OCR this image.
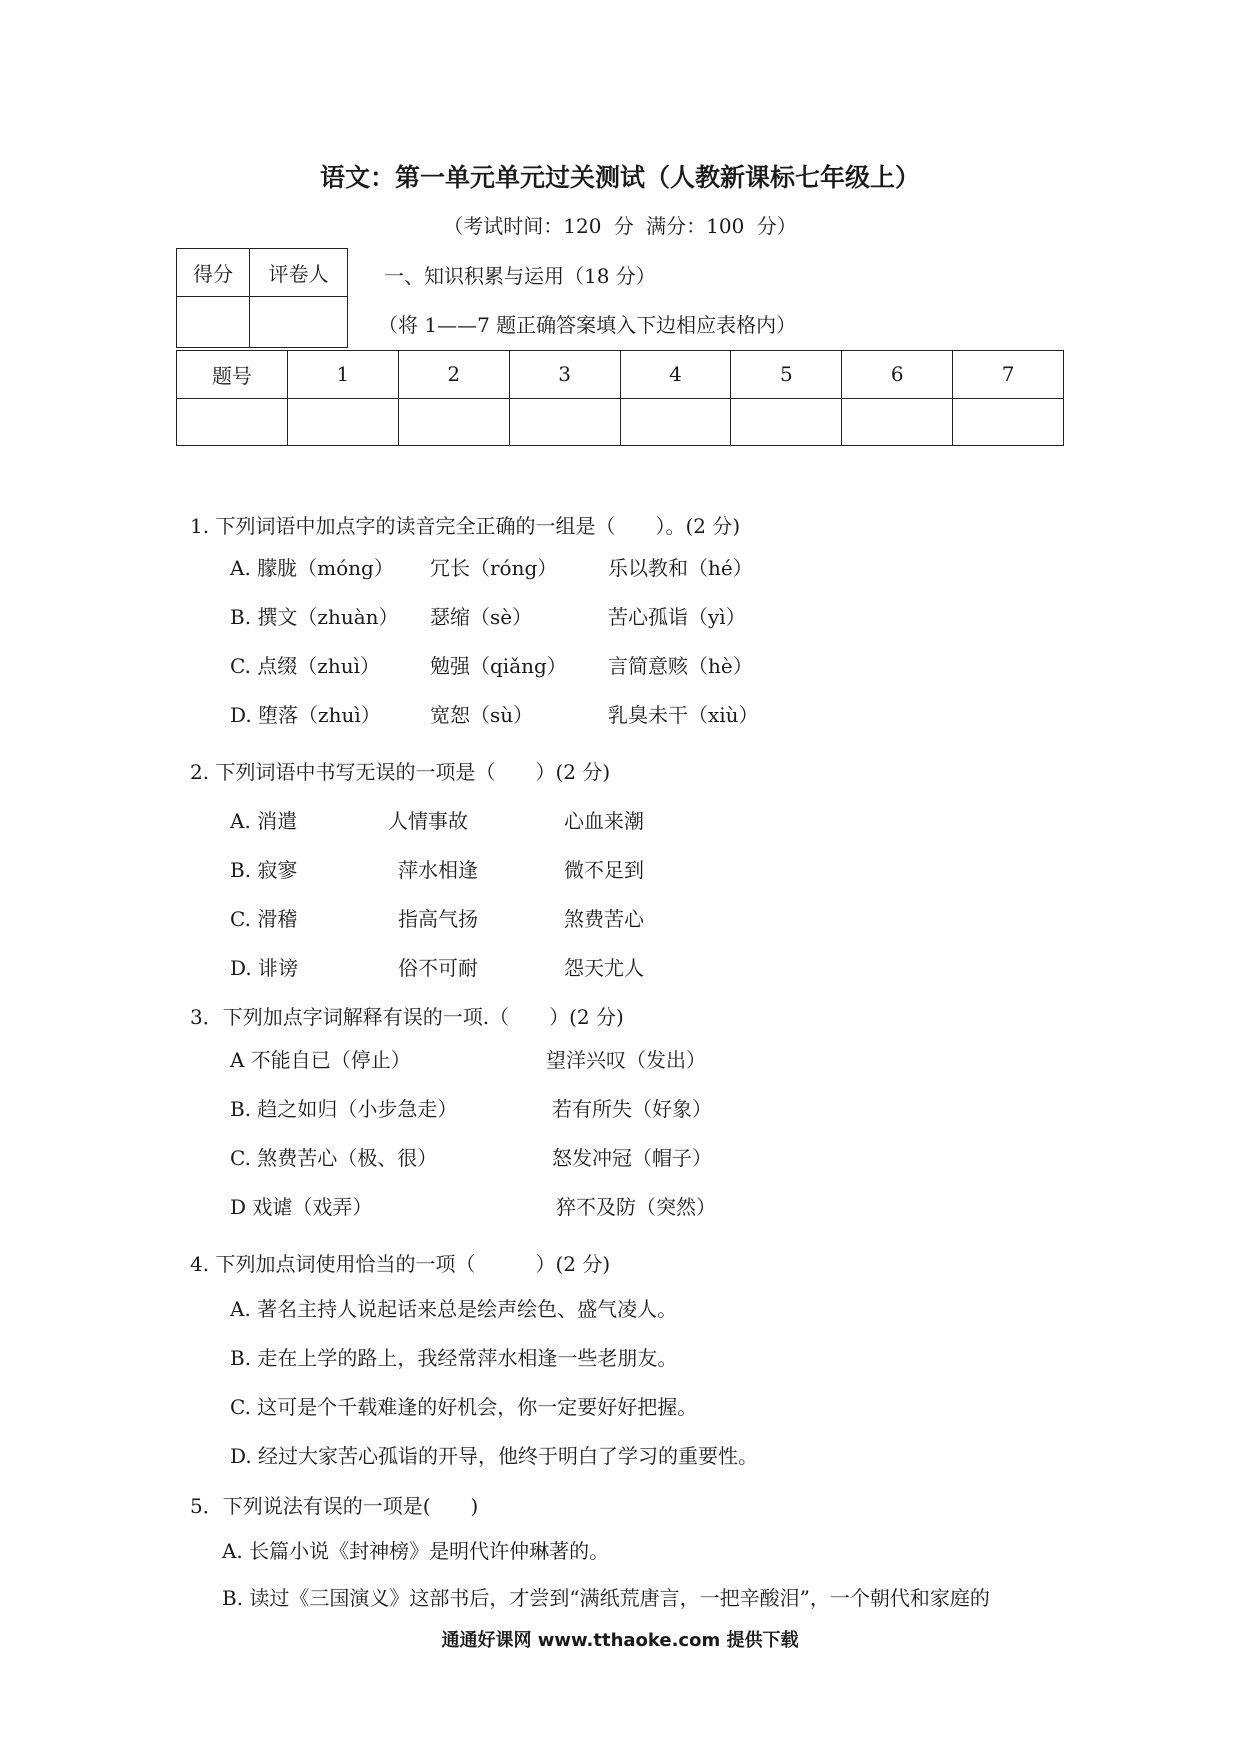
语文：第一单元单元过关测试（人教新课标七年级上）
（考试时间：120 分 满分：100 分）
得分	评卷人
		一、知识积累与运用（18 分）
（将 1——7 题正确答案填入下边相应表格内）
题号	1	2	3	4	5	6	7

1. 下列词语中加点字的读音完全正确的一组是（　　）。(2 分)
A. 朦胧（móng） 冗长（róng）	乐以教和（hé）
B. 撰文（zhuàn） 瑟缩（sè）	苦心孤诣（yì）
C. 点缀（zhuì）	勉强（qiǎng） 言简意赅（hè）
D. 堕落（zhuì） 宽恕（sù）	乳臭未干（xiù）
2. 下列词语中书写无误的一项是（　　）(2 分)
A. 消遣	人情事故	心血来潮
B. 寂寥	萍水相逢	微不足到
C. 滑稽	指高气扬	煞费苦心
D. 诽谤	俗不可耐	怨天尤人
3．下列加点字词解释有误的一项.（　　）(2 分)
A 不能自已（停止）	望洋兴叹（发出）
B. 趋之如归（小步急走）	若有所失（好象）
C. 煞费苦心（极、很）	怒发冲冠（帽子）
D 戏谑（戏弄）	猝不及防（突然）
4. 下列加点词使用恰当的一项（　　　）(2 分)
A. 著名主持人说起话来总是绘声绘色、盛气凌人。
B. 走在上学的路上，我经常萍水相逢一些老朋友。
C. 这可是个千载难逢的好机会，你一定要好好把握。
D. 经过大家苦心孤诣的开导，他终于明白了学习的重要性。
5．下列说法有误的一项是(　　)
A. 长篇小说《封神榜》是明代许仲琳著的。
B. 读过《三国演义》这部书后，才尝到“满纸荒唐言，一把辛酸泪”，一个朝代和家庭的
通通好课网 www.tthaoke.com 提供下载
